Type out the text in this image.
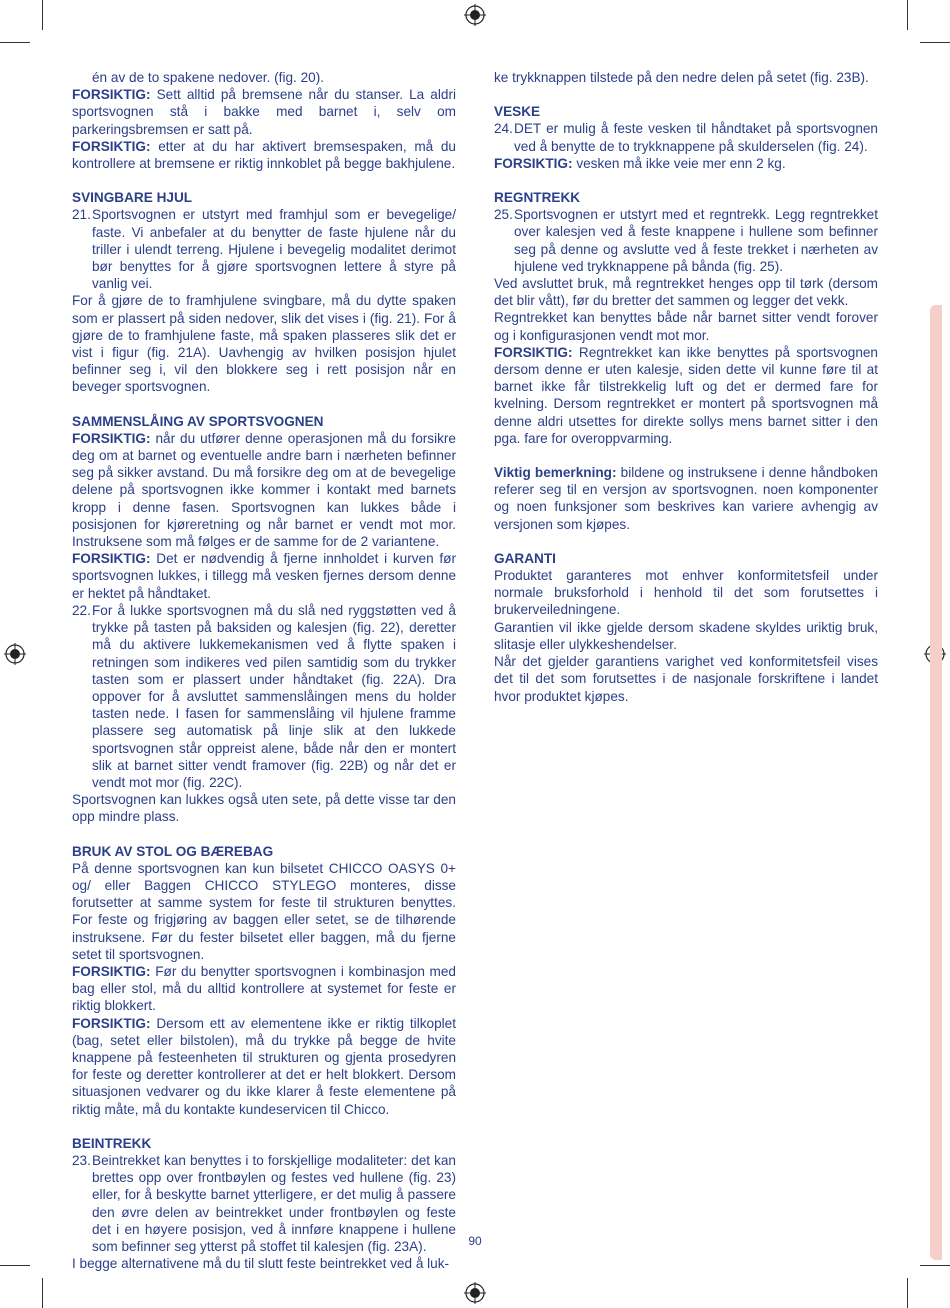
én av de to spakene nedover. (fig. 20).

FORSIKTIG: Sett alltid på bremsene når du stanser. La aldri sportsvognen stå i bakke med barnet i, selv om parkeringsbremsen er satt på.

FORSIKTIG: etter at du har aktivert bremsespaken, må du kontrollere at bremsene er riktig innkoblet på begge bakhjulene.

SVINGBARE HJUL

21. Sportsvognen er utstyrt med framhjul som er bevegelige/ faste. Vi anbefaler at du benytter de faste hjulene når du triller i ulendt terreng. Hjulene i bevegelig modalitet derimot bør benyttes for å gjøre sportsvognen lettere å styre på vanlig vei.

For å gjøre de to framhjulene svingbare, må du dytte spaken som er plassert på siden nedover, slik det vises i (fig. 21). For å gjøre de to framhjulene faste, må spaken plasseres slik det er vist i figur (fig. 21A). Uavhengig av hvilken posisjon hjulet befinner seg i, vil den blokkere seg i rett posisjon når en beveger sportsvognen.

SAMMENSLÅING AV SPORTSVOGNEN

FORSIKTIG: når du utfører denne operasjonen må du forsikre deg om at barnet og eventuelle andre barn i nærheten befinner seg på sikker avstand. Du må forsikre deg om at de bevegelige delene på sportsvognen ikke kommer i kontakt med barnets kropp i denne fasen. Sportsvognen kan lukkes både i posisjonen for kjøreretning og når barnet er vendt mot mor. Instruksene som må følges er de samme for de 2 variantene.

FORSIKTIG: Det er nødvendig å fjerne innholdet i kurven før sportsvognen lukkes, i tillegg må vesken fjernes dersom denne er hektet på håndtaket.

22. For å lukke sportsvognen må du slå ned ryggstøtten ved å trykke på tasten på baksiden og kalesjen (fig. 22), deretter må du aktivere lukkemekanismen ved å flytte spaken i retningen som indikeres ved pilen samtidig som du trykker tasten som er plassert under håndtaket (fig. 22A). Dra oppover for å avsluttet sammenslåingen mens du holder tasten nede. I fasen for sammenslåing vil hjulene framme plassere seg automatisk på linje slik at den lukkede sportsvognen står oppreist alene, både når den er montert slik at barnet sitter vendt framover (fig. 22B) og når det er vendt mot mor (fig. 22C).

Sportsvognen kan lukkes også uten sete, på dette visse tar den opp mindre plass.

BRUK AV STOL OG BÆREBAG

På denne sportsvognen kan kun bilsetet CHICCO OASYS 0+ og/ eller Baggen CHICCO STYLEGO monteres, disse forutsetter at samme system for feste til strukturen benyttes. For feste og frigjøring av baggen eller setet, se de tilhørende instruksene. Før du fester bilsetet eller baggen, må du fjerne setet til sportsvognen.

FORSIKTIG: Før du benytter sportsvognen i kombinasjon med bag eller stol, må du alltid kontrollere at systemet for feste er riktig blokkert.

FORSIKTIG: Dersom ett av elementene ikke er riktig tilkoplet (bag, setet eller bilstolen), må du trykke på begge de hvite knappene på festeenheten til strukturen og gjenta prosedyren for feste og deretter kontrollerer at det er helt blokkert. Dersom situasjonen vedvarer og du ikke klarer å feste elementene på riktig måte, må du kontakte kundeservicen til Chicco.

BEINTREKK

23. Beintrekket kan benyttes i to forskjellige modaliteter: det kan brettes opp over frontbøylen og festes ved hullene (fig. 23) eller, for å beskytte barnet ytterligere, er det mulig å passere den øvre delen av beintrekket under frontbøylen og feste det i en høyere posisjon, ved å innføre knappene i hullene som befinner seg ytterst på stoffet til kalesjen (fig. 23A).

I begge alternativene må du til slutt feste beintrekket ved å luk-

ke trykknappen tilstede på den nedre delen på setet (fig. 23B).

VESKE

24. DET er mulig å feste vesken til håndtaket på sportsvognen ved å benytte de to trykknappene på skulderselen (fig. 24).

FORSIKTIG: vesken må ikke veie mer enn 2 kg.

REGNTREKK

25. Sportsvognen er utstyrt med et regntrekk. Legg regntrekket over kalesjen ved å feste knappene i hullene som befinner seg på denne og avslutte ved å feste trekket i nærheten av hjulene ved trykknappene på bånda (fig. 25).

Ved avsluttet bruk, må regntrekket henges opp til tørk (dersom det blir vått), før du bretter det sammen og legger det vekk.

Regntrekket kan benyttes både når barnet sitter vendt forover og i konfigurasjonen vendt mot mor.

FORSIKTIG: Regntrekket kan ikke benyttes på sportsvognen dersom denne er uten kalesje, siden dette vil kunne føre til at barnet ikke får tilstrekkelig luft og det er dermed fare for kvelning. Dersom regntrekket er montert på sportsvognen må denne aldri utsettes for direkte sollys mens barnet sitter i den pga. fare for overoppvarming.

Viktig bemerkning: bildene og instruksene i denne håndboken referer seg til en versjon av sportsvognen. noen komponenter og noen funksjoner som beskrives kan variere avhengig av versjonen som kjøpes.

GARANTI

Produktet garanteres mot enhver konformitetsfeil under normale bruksforhold i henhold til det som forutsettes i brukerveiledningene.

Garantien vil ikke gjelde dersom skadene skyldes uriktig bruk, slitasje eller ulykkeshendelser.

Når det gjelder garantiens varighet ved konformitetsfeil vises det til det som forutsettes i de nasjonale forskriftene i landet hvor produktet kjøpes.

90
